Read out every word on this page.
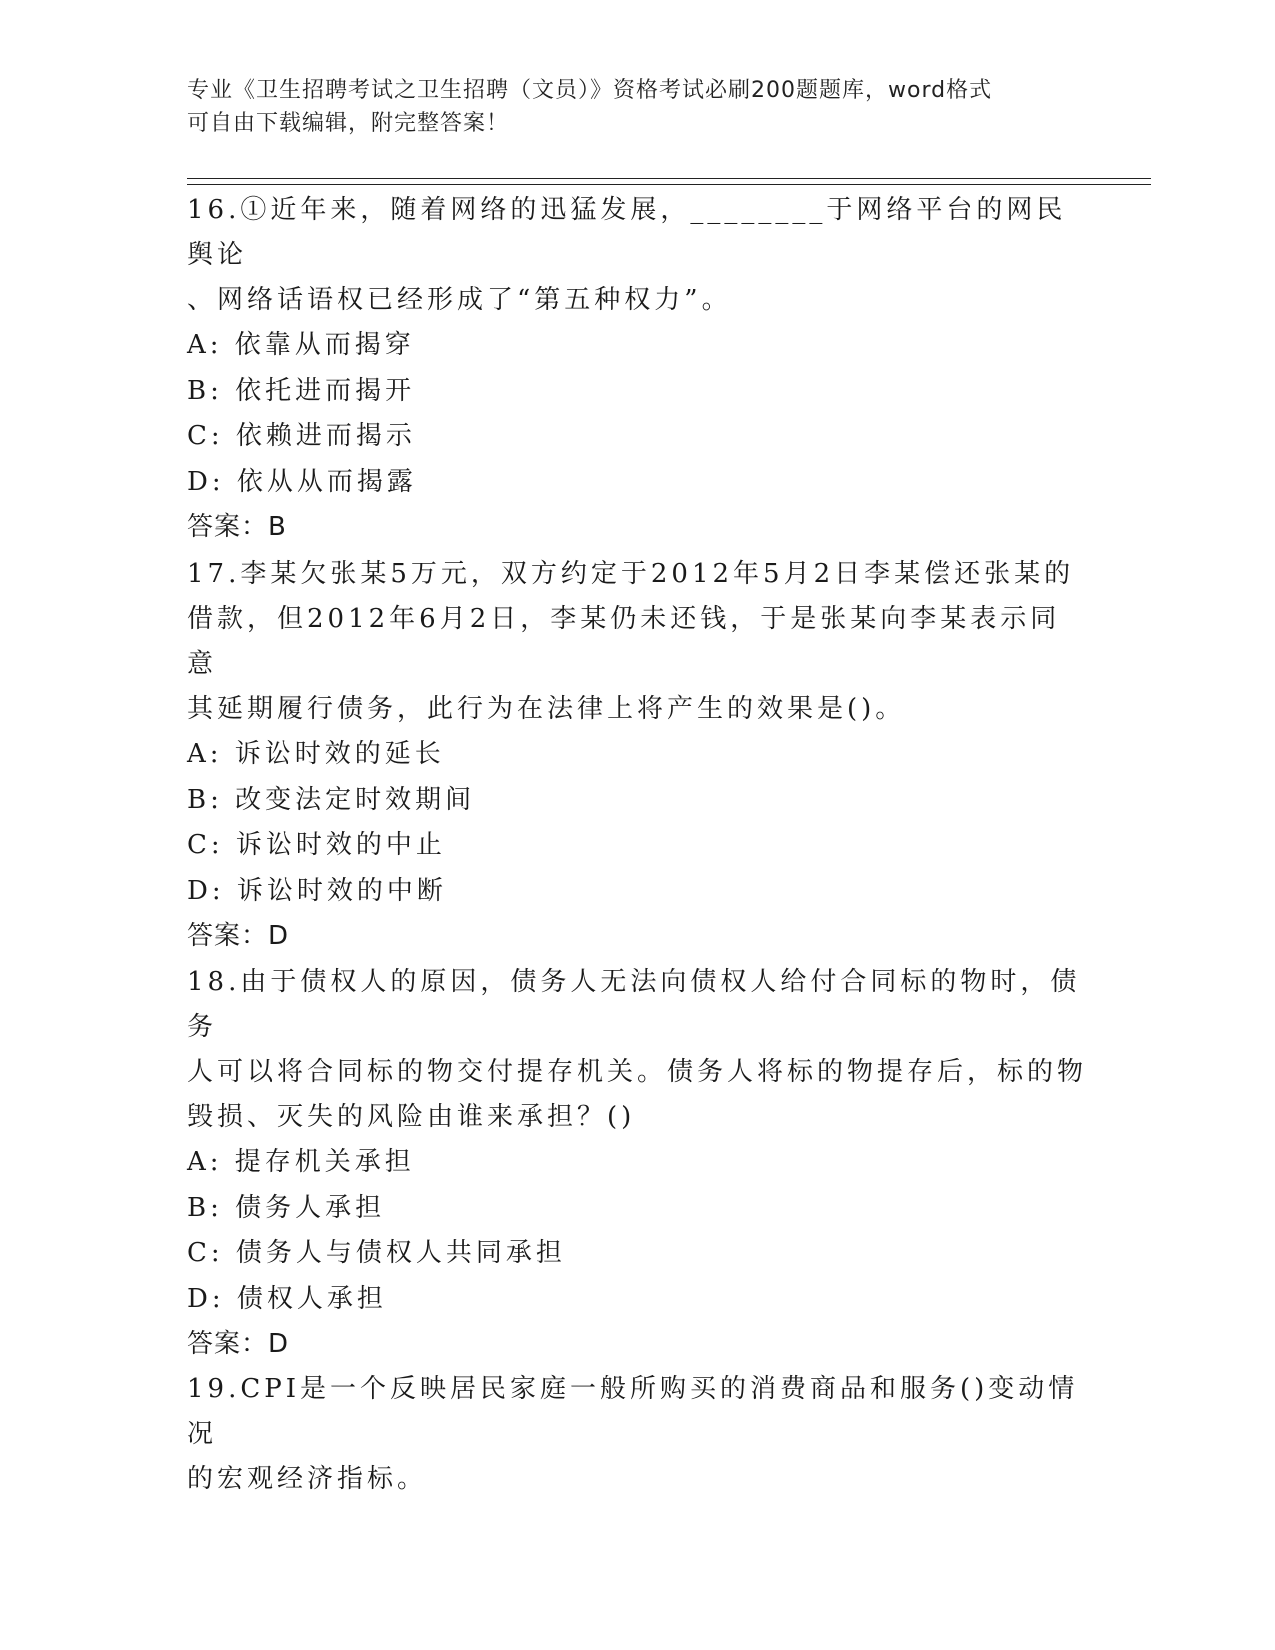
专业《卫生招聘考试之卫生招聘（文员）》资格考试必刷200题题库，word格式
可自由下载编辑，附完整答案！

16.①近年来，随着网络的迅猛发展，________于网络平台的网民舆论

、网络话语权已经形成了“第五种权力”。

A: 依靠从而揭穿

B: 依托进而揭开

C: 依赖进而揭示

D: 依从从而揭露

答案：B

17.李某欠张某5万元，双方约定于2012年5月2日李某偿还张某的

借款，但2012年6月2日，李某仍未还钱，于是张某向李某表示同意

其延期履行债务，此行为在法律上将产生的效果是()。

A: 诉讼时效的延长

B: 改变法定时效期间

C: 诉讼时效的中止

D: 诉讼时效的中断

答案：D

18.由于债权人的原因，债务人无法向债权人给付合同标的物时，债务

人可以将合同标的物交付提存机关。债务人将标的物提存后，标的物

毁损、灭失的风险由谁来承担？()

A: 提存机关承担

B: 债务人承担

C: 债务人与债权人共同承担

D: 债权人承担

答案：D

19.CPI是一个反映居民家庭一般所购买的消费商品和服务()变动情况

的宏观经济指标。
